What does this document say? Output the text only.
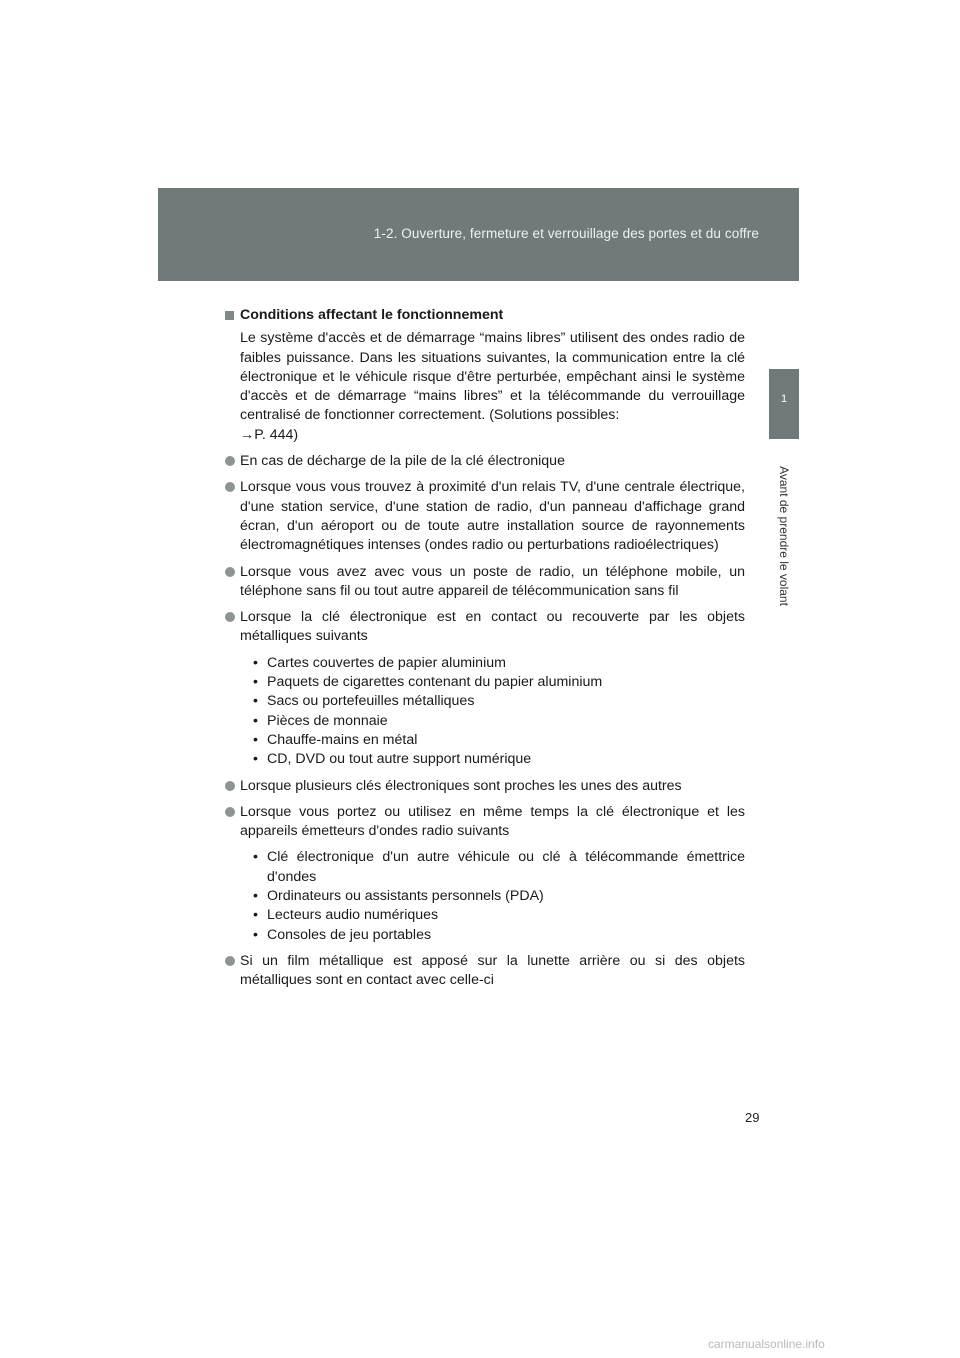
1-2. Ouverture, fermeture et verrouillage des portes et du coffre
1
Avant de prendre le volant
Conditions affectant le fonctionnement
Le système d'accès et de démarrage “mains libres” utilisent des ondes radio de faibles puissance. Dans les situations suivantes, la communication entre la clé électronique et le véhicule risque d'être perturbée, empêchant ainsi le système d'accès et de démarrage “mains libres” et la télécommande du verrouillage centralisé de fonctionner correctement. (Solutions possibles:
→P. 444)
En cas de décharge de la pile de la clé électronique
Lorsque vous vous trouvez à proximité d'un relais TV, d'une centrale électrique, d'une station service, d'une station de radio, d'un panneau d'affichage grand écran, d'un aéroport ou de toute autre installation source de rayonnements électromagnétiques intenses (ondes radio ou perturbations radioélectriques)
Lorsque vous avez avec vous un poste de radio, un téléphone mobile, un téléphone sans fil ou tout autre appareil de télécommunication sans fil
Lorsque la clé électronique est en contact ou recouverte par les objets métalliques suivants
• Cartes couvertes de papier aluminium
• Paquets de cigarettes contenant du papier aluminium
• Sacs ou portefeuilles métalliques
• Pièces de monnaie
• Chauffe-mains en métal
• CD, DVD ou tout autre support numérique
Lorsque plusieurs clés électroniques sont proches les unes des autres
Lorsque vous portez ou utilisez en même temps la clé électronique et les appareils émetteurs d'ondes radio suivants
• Clé électronique d'un autre véhicule ou clé à télécommande émettrice d'ondes
• Ordinateurs ou assistants personnels (PDA)
• Lecteurs audio numériques
• Consoles de jeu portables
Si un film métallique est apposé sur la lunette arrière ou si des objets métalliques sont en contact avec celle-ci
29
carmanualsonline.info
